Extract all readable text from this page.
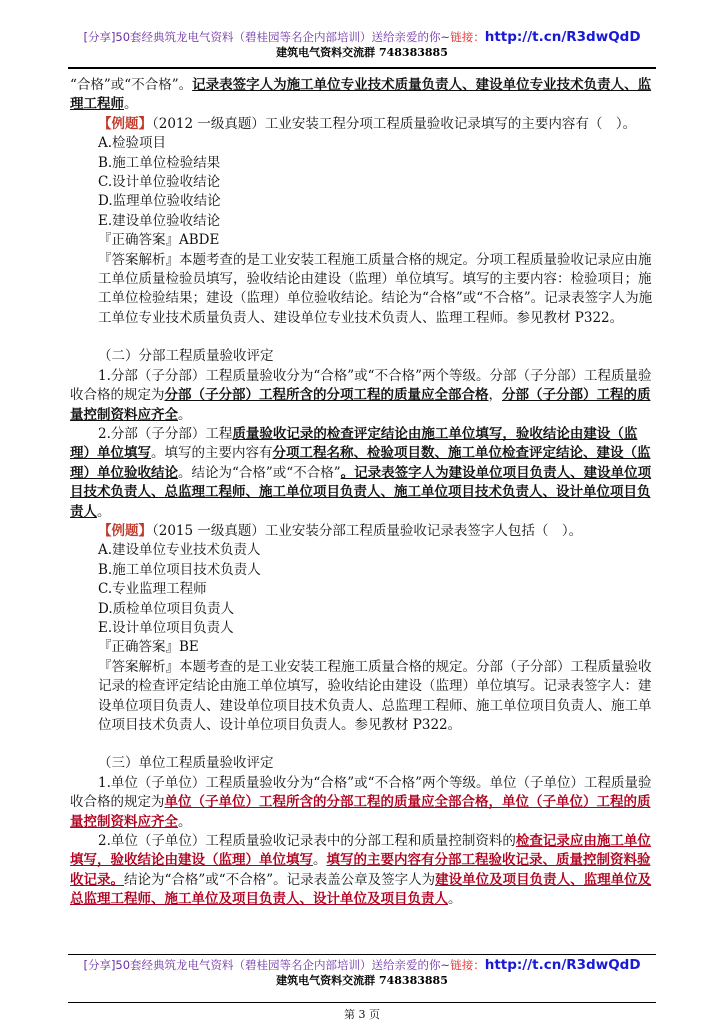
[分享]50套经典筑龙电气资料（碧桂园等名企内部培训）送给亲爱的你~链接：http://t.cn/R3dwQdD
建筑电气资料交流群 748383885

“合格”或“不合格”。记录表签字人为施工单位专业技术质量负责人、建设单位专业技术负责人、监理工程师。

【例题】（2012 一级真题）工业安装工程分项工程质量验收记录填写的主要内容有（　）。

A.检验项目

B.施工单位检验结果

C.设计单位验收结论

D.监理单位验收结论

E.建设单位验收结论

『正确答案』ABDE

『答案解析』本题考查的是工业安装工程施工质量合格的规定。分项工程质量验收记录应由施工单位质量检验员填写，验收结论由建设（监理）单位填写。填写的主要内容：检验项目；施工单位检验结果；建设（监理）单位验收结论。结论为“合格”或“不合格”。记录表签字人为施工单位专业技术质量负责人、建设单位专业技术负责人、监理工程师。参见教材 P322。

（二）分部工程质量验收评定

1.分部（子分部）工程质量验收分为“合格”或“不合格”两个等级。分部（子分部）工程质量验收合格的规定为分部（子分部）工程所含的分项工程的质量应全部合格，分部（子分部）工程的质量控制资料应齐全。

2.分部（子分部）工程质量验收记录的检查评定结论由施工单位填写，验收结论由建设（监理）单位填写。填写的主要内容有分项工程名称、检验项目数、施工单位检查评定结论、建设（监理）单位验收结论。结论为“合格”或“不合格”。记录表签字人为建设单位项目负责人、建设单位项目技术负责人、总监理工程师、施工单位项目负责人、施工单位项目技术负责人、设计单位项目负责人。

【例题】（2015 一级真题）工业安装分部工程质量验收记录表签字人包括（　）。

A.建设单位专业技术负责人

B.施工单位项目技术负责人

C.专业监理工程师

D.质检单位项目负责人

E.设计单位项目负责人

『正确答案』BE

『答案解析』本题考查的是工业安装工程施工质量合格的规定。分部（子分部）工程质量验收记录的检查评定结论由施工单位填写，验收结论由建设（监理）单位填写。记录表签字人：建设单位项目负责人、建设单位项目技术负责人、总监理工程师、施工单位项目负责人、施工单位项目技术负责人、设计单位项目负责人。参见教材 P322。

（三）单位工程质量验收评定

1.单位（子单位）工程质量验收分为“合格”或“不合格”两个等级。单位（子单位）工程质量验收合格的规定为单位（子单位）工程所含的分部工程的质量应全部合格，单位（子单位）工程的质量控制资料应齐全。

2.单位（子单位）工程质量验收记录表中的分部工程和质量控制资料的检查记录应由施工单位填写，验收结论由建设（监理）单位填写。填写的主要内容有分部工程验收记录、质量控制资料验收记录。结论为“合格”或“不合格”。记录表盖公章及签字人为建设单位及项目负责人、监理单位及总监理工程师、施工单位及项目负责人、设计单位及项目负责人。

[分享]50套经典筑龙电气资料（碧桂园等名企内部培训）送给亲爱的你~链接：http://t.cn/R3dwQdD
建筑电气资料交流群 748383885
第 3 页
